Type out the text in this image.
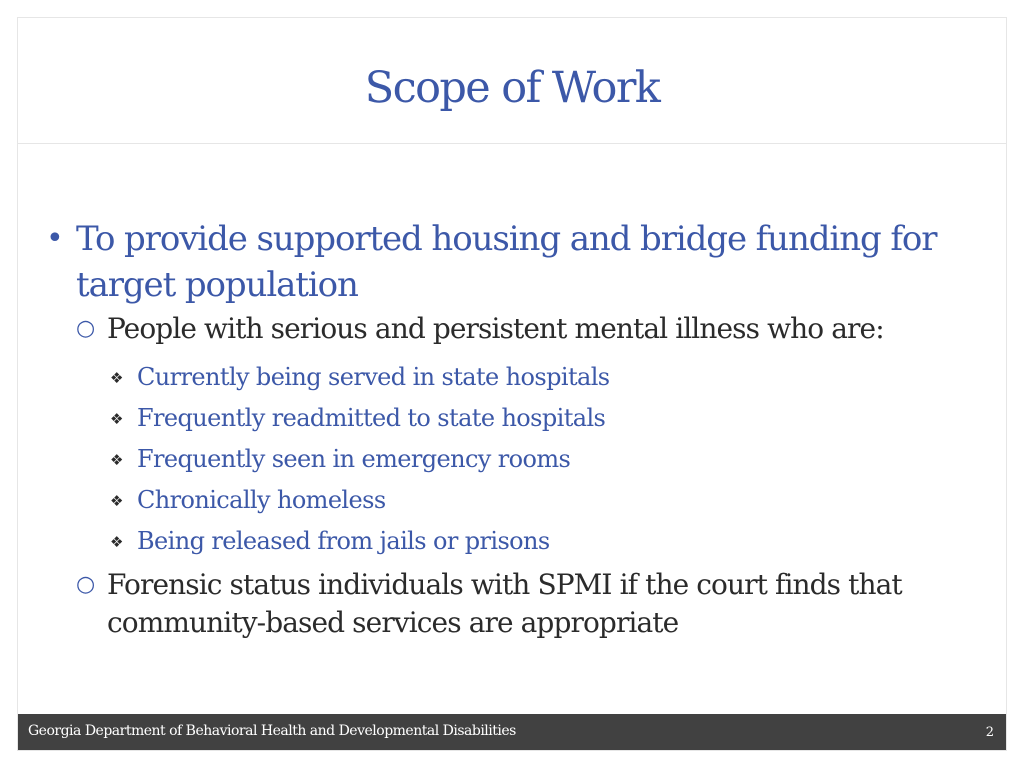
Scope of Work
• To provide supported housing and bridge funding for target population
○ People with serious and persistent mental illness who are:
❖ Currently being served in state hospitals
❖ Frequently readmitted to state hospitals
❖ Frequently seen in emergency rooms
❖ Chronically homeless
❖ Being released from jails or prisons
○ Forensic status individuals with SPMI if the court finds that community-based services are appropriate
Georgia Department of Behavioral Health and Developmental Disabilities	2
